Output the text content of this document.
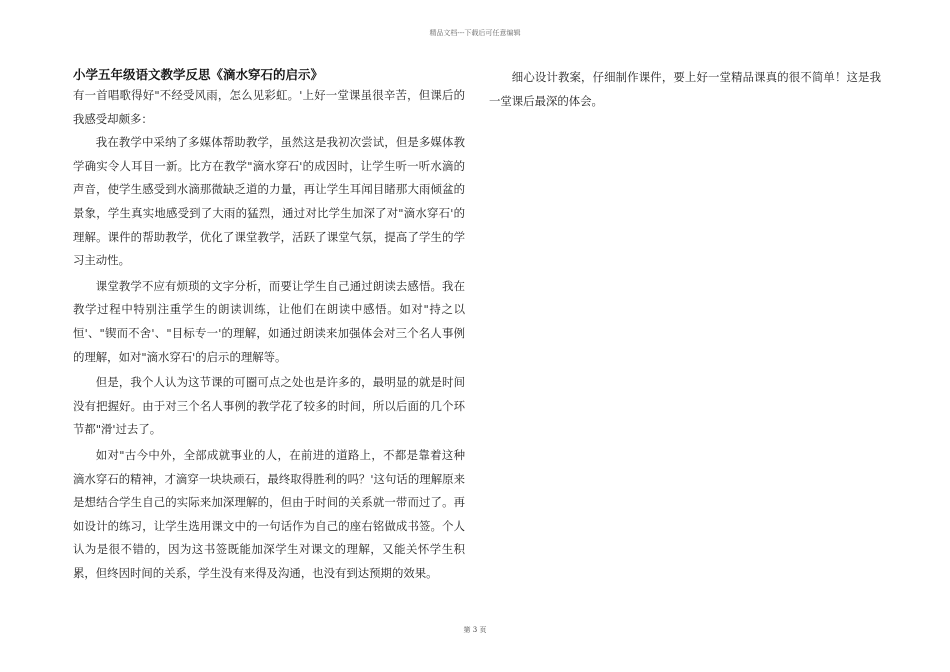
精品文档---下载后可任意编辑
小学五年级语文教学反思《滴水穿石的启示》

有一首唱歌得好"不经受风雨，怎么见彩虹。'上好一堂课虽很辛苦，但课后的我感受却颇多：

我在教学中采纳了多媒体帮助教学，虽然这是我初次尝试，但是多媒体教学确实令人耳目一新。比方在教学"滴水穿石'的成因时，让学生听一听水滴的声音，使学生感受到水滴那微缺乏道的力量，再让学生耳闻目睹那大雨倾盆的景象，学生真实地感受到了大雨的猛烈，通过对比学生加深了对"滴水穿石'的理解。课件的帮助教学，优化了课堂教学，活跃了课堂气氛，提高了学生的学习主动性。

课堂教学不应有烦琐的文字分析，而要让学生自己通过朗读去感悟。我在教学过程中特别注重学生的朗读训练，让他们在朗读中感悟。如对"持之以恒'、"锲而不舍'、"目标专一'的理解，如通过朗读来加强体会对三个名人事例的理解，如对"滴水穿石'的启示的理解等。

但是，我个人认为这节课的可圈可点之处也是许多的，最明显的就是时间没有把握好。由于对三个名人事例的教学花了较多的时间，所以后面的几个环节都"滑'过去了。

如对"古今中外，全部成就事业的人，在前进的道路上，不都是靠着这种滴水穿石的精神，才滴穿一块块顽石，最终取得胜利的吗？'这句话的理解原来是想结合学生自己的实际来加深理解的，但由于时间的关系就一带而过了。再如设计的练习，让学生选用课文中的一句话作为自己的座右铭做成书签。个人认为是很不错的，因为这书签既能加深学生对课文的理解，又能关怀学生积累，但终因时间的关系，学生没有来得及沟通，也没有到达预期的效果。

细心设计教案，仔细制作课件，要上好一堂精品课真的很不简单！这是我一堂课后最深的体会。

第 3 页
